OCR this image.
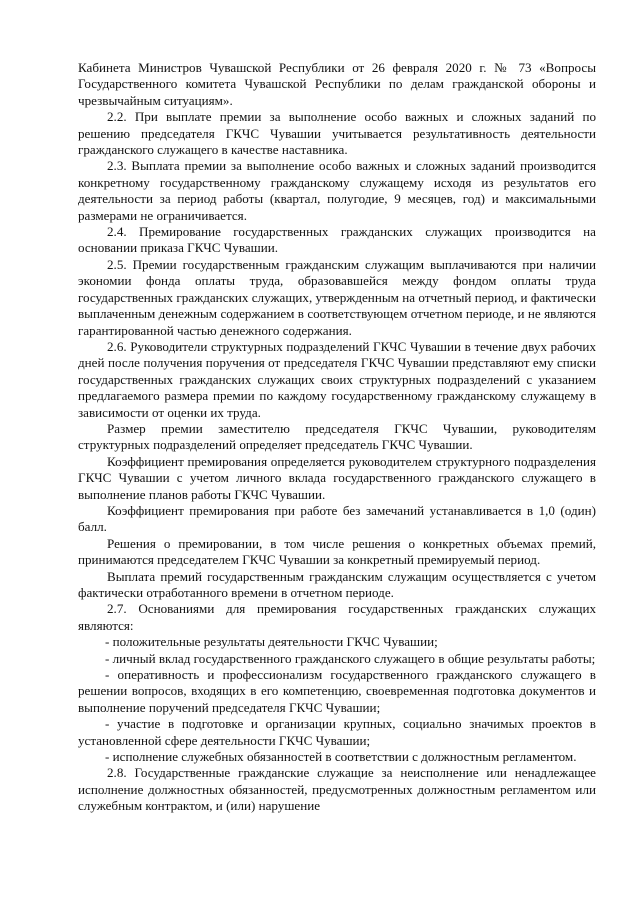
Кабинета Министров Чувашской Республики от 26 февраля 2020 г. № 73 «Вопросы Государственного комитета Чувашской Республики по делам гражданской обороны и чрезвычайным ситуациям».

2.2. При выплате премии за выполнение особо важных и сложных заданий по решению председателя ГКЧС Чувашии учитывается результативность деятельности гражданского служащего в качестве наставника.

2.3. Выплата премии за выполнение особо важных и сложных заданий производится конкретному государственному гражданскому служащему исходя из результатов его деятельности за период работы (квартал, полугодие, 9 месяцев, год) и максимальными размерами не ограничивается.

2.4. Премирование государственных гражданских служащих производится на основании приказа ГКЧС Чувашии.

2.5. Премии государственным гражданским служащим выплачиваются при наличии экономии фонда оплаты труда, образовавшейся между фондом оплаты труда государственных гражданских служащих, утвержденным на отчетный период, и фактически выплаченным денежным содержанием в соответствующем отчетном периоде, и не являются гарантированной частью денежного содержания.

2.6. Руководители структурных подразделений ГКЧС Чувашии в течение двух рабочих дней после получения поручения от председателя ГКЧС Чувашии представляют ему списки государственных гражданских служащих своих структурных подразделений с указанием предлагаемого размера премии по каждому государственному гражданскому служащему в зависимости от оценки их труда.

Размер премии заместителю председателя ГКЧС Чувашии, руководителям структурных подразделений определяет председатель ГКЧС Чувашии.

Коэффициент премирования определяется руководителем структурного подразделения ГКЧС Чувашии с учетом личного вклада государственного гражданского служащего в выполнение планов работы ГКЧС Чувашии.

Коэффициент премирования при работе без замечаний устанавливается в 1,0 (один) балл.

Решения о премировании, в том числе решения о конкретных объемах премий, принимаются председателем ГКЧС Чувашии за конкретный премируемый период.

Выплата премий государственным гражданским служащим осуществляется с учетом фактически отработанного времени в отчетном периоде.

2.7. Основаниями для премирования государственных гражданских служащих являются:

- положительные результаты деятельности ГКЧС Чувашии;

- личный вклад государственного гражданского служащего в общие результаты работы;

- оперативность и профессионализм государственного гражданского служащего в решении вопросов, входящих в его компетенцию, своевременная подготовка документов и выполнение поручений председателя ГКЧС Чувашии;

- участие в подготовке и организации крупных, социально значимых проектов в установленной сфере деятельности ГКЧС Чувашии;

- исполнение служебных обязанностей в соответствии с должностным регламентом.

2.8. Государственные гражданские служащие за неисполнение или ненадлежащее исполнение должностных обязанностей, предусмотренных должностным регламентом или служебным контрактом, и (или) нарушение
